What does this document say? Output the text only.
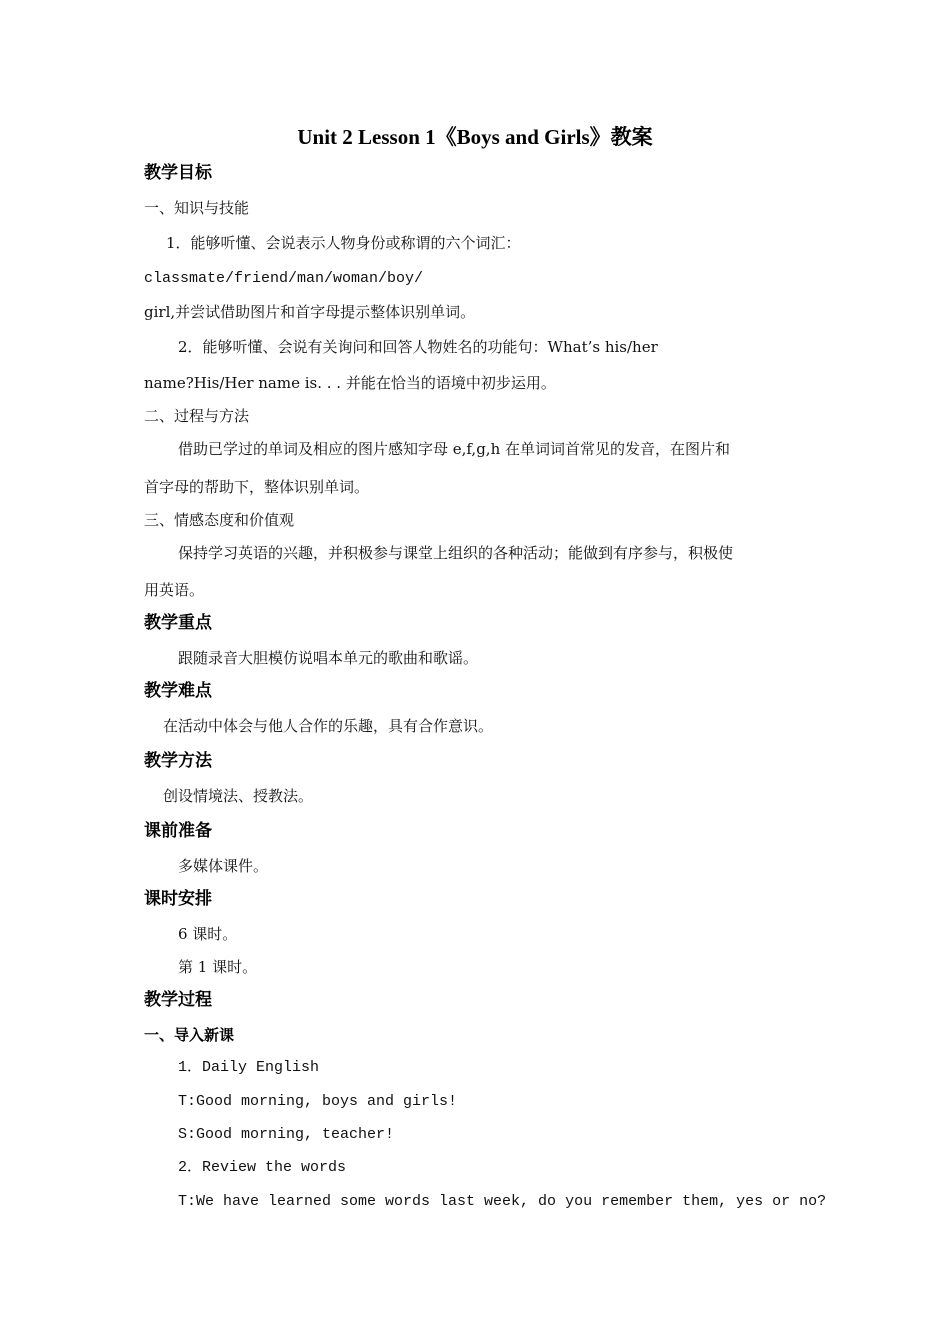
Unit 2 Lesson 1《Boys and Girls》教案
教学目标
一、知识与技能
1．能够听懂、会说表示人物身份或称谓的六个词汇：
classmate/friend/man/woman/boy/
girl,并尝试借助图片和首字母提示整体识别单词。
2．能够听懂、会说有关询问和回答人物姓名的功能句：What’s his/her
name?His/Her name is. . . 并能在恰当的语境中初步运用。
二、过程与方法
借助已学过的单词及相应的图片感知字母 e,f,g,h 在单词词首常见的发音，在图片和
首字母的帮助下，整体识别单词。
三、情感态度和价值观
保持学习英语的兴趣，并积极参与课堂上组织的各种活动；能做到有序参与，积极使
用英语。
教学重点
跟随录音大胆模仿说唱本单元的歌曲和歌谣。
教学难点
在活动中体会与他人合作的乐趣，具有合作意识。
教学方法
创设情境法、授教法。
课前准备
多媒体课件。
课时安排
6 课时。
第 1 课时。
教学过程
一、导入新课
1．Daily English
T:Good morning, boys and girls!
S:Good morning, teacher!
2．Review the words
T:We have learned some words last week, do you remember them, yes or no?
